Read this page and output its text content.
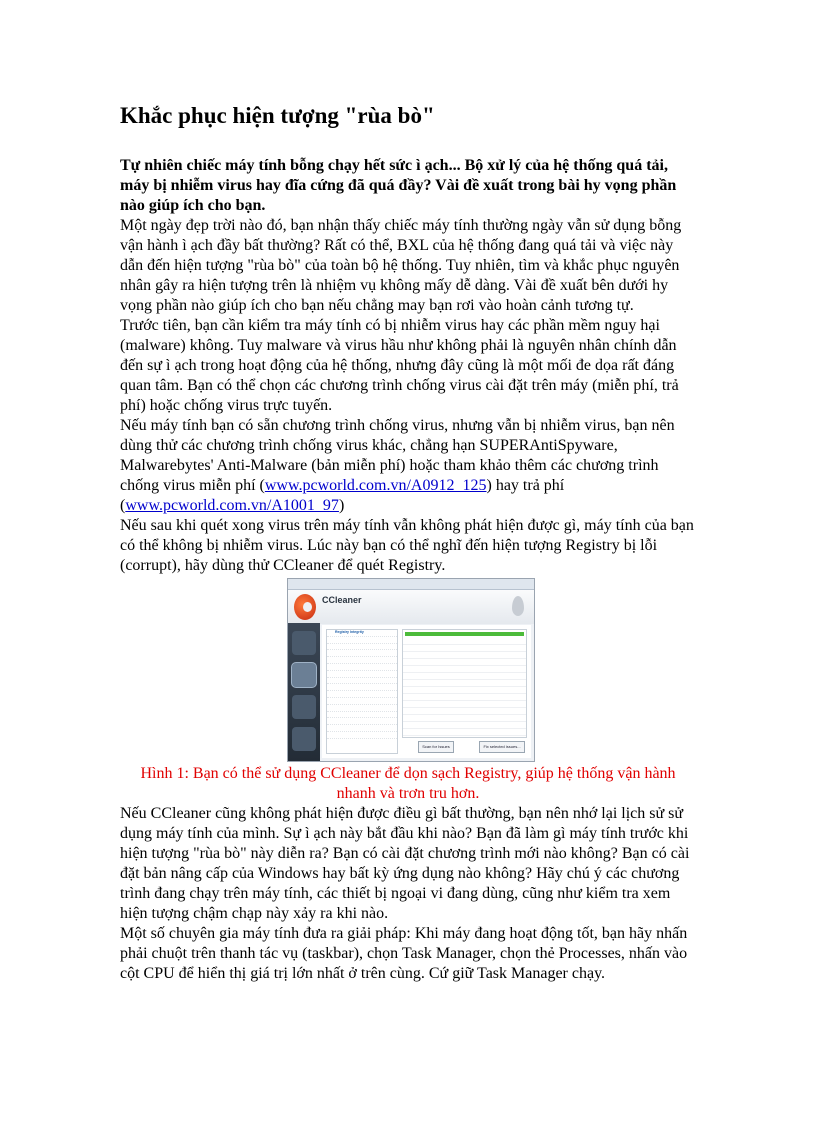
Khắc phục hiện tượng "rùa bò"

Tự nhiên chiếc máy tính bỗng chạy hết sức ì ạch... Bộ xử lý của hệ thống quá tải, máy bị nhiễm virus hay đĩa cứng đã quá đầy? Vài đề xuất trong bài hy vọng phần nào giúp ích cho bạn.

Một ngày đẹp trời nào đó, bạn nhận thấy chiếc máy tính thường ngày vẫn sử dụng bỗng vận hành ì ạch đầy bất thường? Rất có thể, BXL của hệ thống đang quá tải và việc này dẫn đến hiện tượng "rùa bò" của toàn bộ hệ thống. Tuy nhiên, tìm và khắc phục nguyên nhân gây ra hiện tượng trên là nhiệm vụ không mấy dễ dàng. Vài đề xuất bên dưới hy vọng phần nào giúp ích cho bạn nếu chẳng may bạn rơi vào hoàn cảnh tương tự.

Trước tiên, bạn cần kiểm tra máy tính có bị nhiễm virus hay các phần mềm nguy hại (malware) không. Tuy malware và virus hầu như không phải là nguyên nhân chính dẫn đến sự ì ạch trong hoạt động của hệ thống, nhưng đây cũng là một mối đe dọa rất đáng quan tâm. Bạn có thể chọn các chương trình chống virus cài đặt trên máy (miễn phí, trả phí) hoặc chống virus trực tuyến.

Nếu máy tính bạn có sẵn chương trình chống virus, nhưng vẫn bị nhiễm virus, bạn nên dùng thử các chương trình chống virus khác, chẳng hạn SUPERAntiSpyware, Malwarebytes' Anti-Malware (bản miễn phí) hoặc tham khảo thêm các chương trình chống virus miễn phí (www.pcworld.com.vn/A0912_125) hay trả phí (www.pcworld.com.vn/A1001_97)

Nếu sau khi quét xong virus trên máy tính vẫn không phát hiện được gì, máy tính của bạn có thể không bị nhiễm virus. Lúc này bạn có thể nghĩ đến hiện tượng Registry bị lỗi (corrupt), hãy dùng thử CCleaner để quét Registry.

CCleaner
Registry Integrity
Scan for Issues	Fix selected issues...

Hình 1: Bạn có thể sử dụng CCleaner để dọn sạch Registry, giúp hệ thống vận hành nhanh và trơn tru hơn.

Nếu CCleaner cũng không phát hiện được điều gì bất thường, bạn nên nhớ lại lịch sử sử dụng máy tính của mình. Sự ì ạch này bắt đầu khi nào? Bạn đã làm gì máy tính trước khi hiện tượng "rùa bò" này diễn ra? Bạn có cài đặt chương trình mới nào không? Bạn có cài đặt bản nâng cấp của Windows hay bất kỳ ứng dụng nào không? Hãy chú ý các chương trình đang chạy trên máy tính, các thiết bị ngoại vi đang dùng, cũng như kiểm tra xem hiện tượng chậm chạp này xảy ra khi nào.

Một số chuyên gia máy tính đưa ra giải pháp: Khi máy đang hoạt động tốt, bạn hãy nhấn phải chuột trên thanh tác vụ (taskbar), chọn Task Manager, chọn thẻ Processes, nhấn vào cột CPU để hiển thị giá trị lớn nhất ở trên cùng. Cứ giữ Task Manager chạy.
